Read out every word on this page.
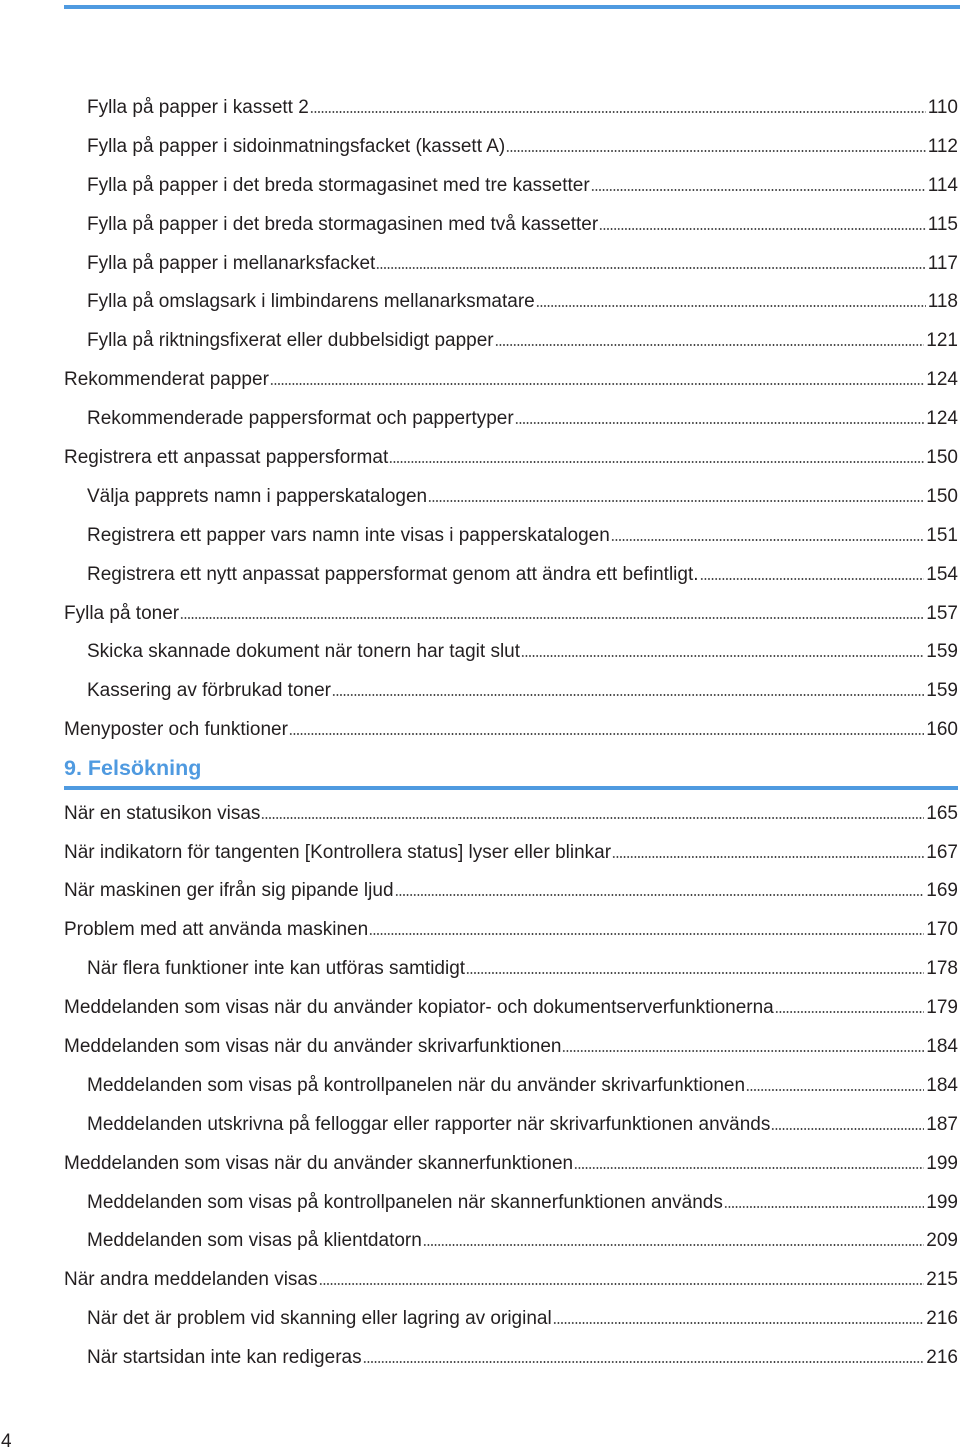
Fylla på papper i kassett 2	110
Fylla på papper i sidoinmatningsfacket (kassett A)	112
Fylla på papper i det breda stormagasinet med tre kassetter	114
Fylla på papper i det breda stormagasinen med två kassetter	115
Fylla på papper i mellanarksfacket	117
Fylla på omslagsark i limbindarens mellanarksmatare	118
Fylla på riktningsfixerat eller dubbelsidigt papper	121
Rekommenderat papper	124
Rekommenderade pappersformat och pappertyper	124
Registrera ett anpassat pappersformat	150
Välja papprets namn i papperskatalogen	150
Registrera ett papper vars namn inte visas i papperskatalogen	151
Registrera ett nytt anpassat pappersformat genom att ändra ett befintligt.	154
Fylla på toner	157
Skicka skannade dokument när tonern har tagit slut	159
Kassering av förbrukad toner	159
Menyposter och funktioner	160
9. Felsökning
När en statusikon visas	165
När indikatorn för tangenten [Kontrollera status] lyser eller blinkar	167
När maskinen ger ifrån sig pipande ljud	169
Problem med att använda maskinen	170
När flera funktioner inte kan utföras samtidigt	178
Meddelanden som visas när du använder kopiator- och dokumentserverfunktionerna	179
Meddelanden som visas när du använder skrivarfunktionen	184
Meddelanden som visas på kontrollpanelen när du använder skrivarfunktionen	184
Meddelanden utskrivna på felloggar eller rapporter när skrivarfunktionen används	187
Meddelanden som visas när du använder skannerfunktionen	199
Meddelanden som visas på kontrollpanelen när skannerfunktionen används	199
Meddelanden som visas på klientdatorn	209
När andra meddelanden visas	215
När det är problem vid skanning eller lagring av original	216
När startsidan inte kan redigeras	216
4
